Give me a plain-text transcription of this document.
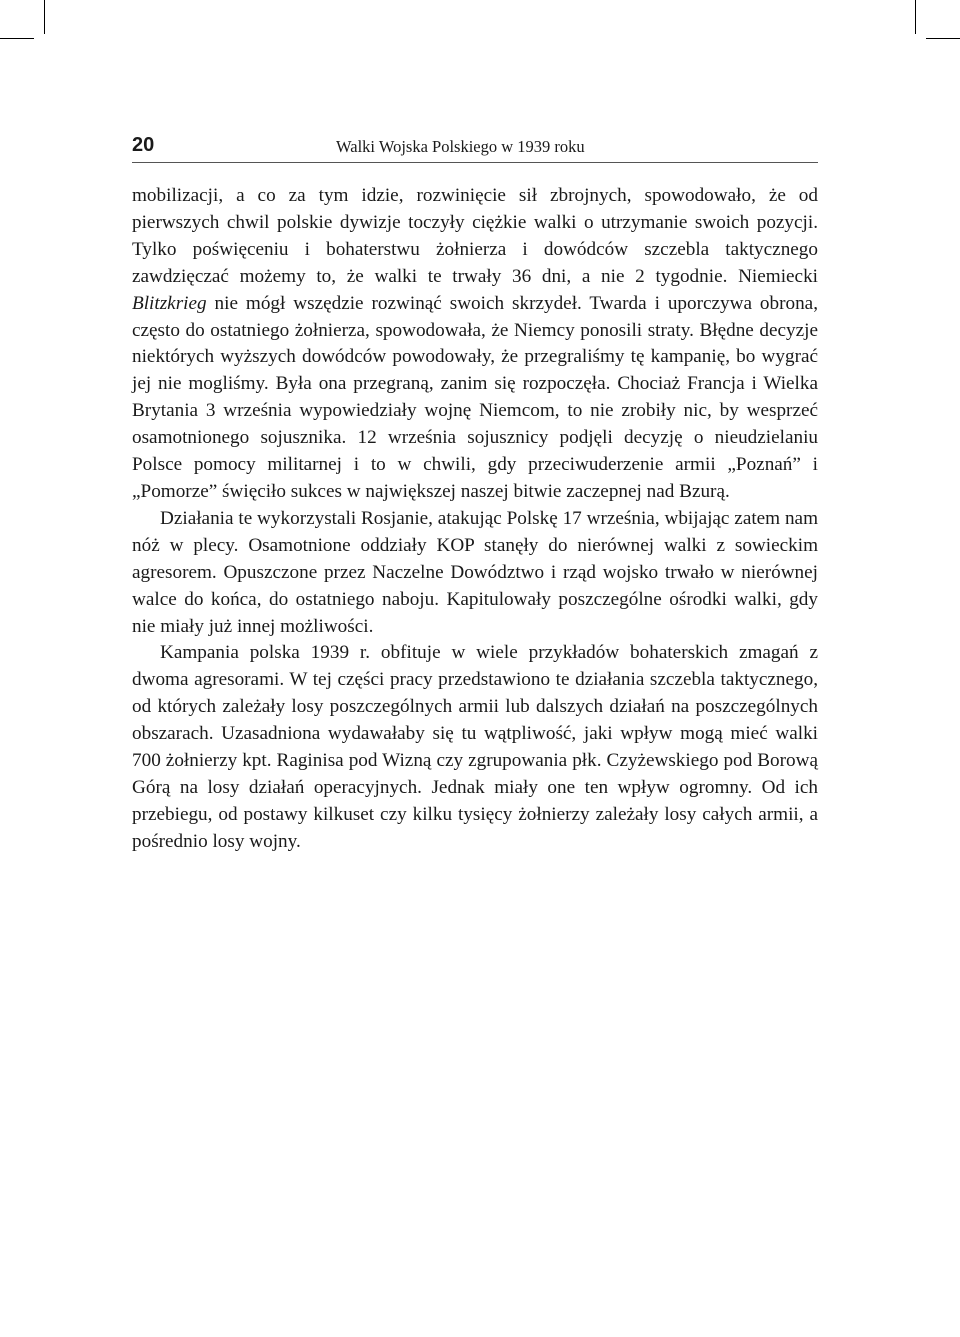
20	Walki Wojska Polskiego w 1939 roku

mobilizacji, a co za tym idzie, rozwinięcie sił zbrojnych, spowodowało, że od pierwszych chwil polskie dywizje toczyły ciężkie walki o utrzymanie swoich pozycji. Tylko poświęceniu i bohaterstwu żołnierza i dowódców szczebla taktycznego zawdzięczać możemy to, że walki te trwały 36 dni, a nie 2 tygodnie. Niemiecki Blitzkrieg nie mógł wszędzie rozwinąć swoich skrzydeł. Twarda i uporczywa obrona, często do ostatniego żołnierza, spowodowała, że Niemcy ponosili straty. Błędne decyzje niektórych wyższych dowódców powodowały, że przegraliśmy tę kampanię, bo wygrać jej nie mogliśmy. Była ona przegraną, zanim się rozpoczęła. Chociaż Francja i Wielka Brytania 3 września wypowiedziały wojnę Niemcom, to nie zrobiły nic, by wesprzeć osamotnionego sojusznika. 12 września sojusznicy podjęli decyzję o nieudzielaniu Polsce pomocy militarnej i to w chwili, gdy przeciwuderzenie armii „Poznań” i „Pomorze” święciło sukces w największej naszej bitwie zaczepnej nad Bzurą.

Działania te wykorzystali Rosjanie, atakując Polskę 17 września, wbijając zatem nam nóż w plecy. Osamotnione oddziały KOP stanęły do nierównej walki z sowieckim agresorem. Opuszczone przez Naczelne Dowództwo i rząd wojsko trwało w nierównej walce do końca, do ostatniego naboju. Kapitulowały poszczególne ośrodki walki, gdy nie miały już innej możliwości.

Kampania polska 1939 r. obfituje w wiele przykładów bohaterskich zmagań z dwoma agresorami. W tej części pracy przedstawiono te działania szczebla taktycznego, od których zależały losy poszczególnych armii lub dalszych działań na poszczególnych obszarach. Uzasadniona wydawałaby się tu wątpliwość, jaki wpływ mogą mieć walki 700 żołnierzy kpt. Raginisa pod Wizną czy zgrupowania płk. Czyżewskiego pod Borową Górą na losy działań operacyjnych. Jednak miały one ten wpływ ogromny. Od ich przebiegu, od postawy kilkuset czy kilku tysięcy żołnierzy zależały losy całych armii, a pośrednio losy wojny.
